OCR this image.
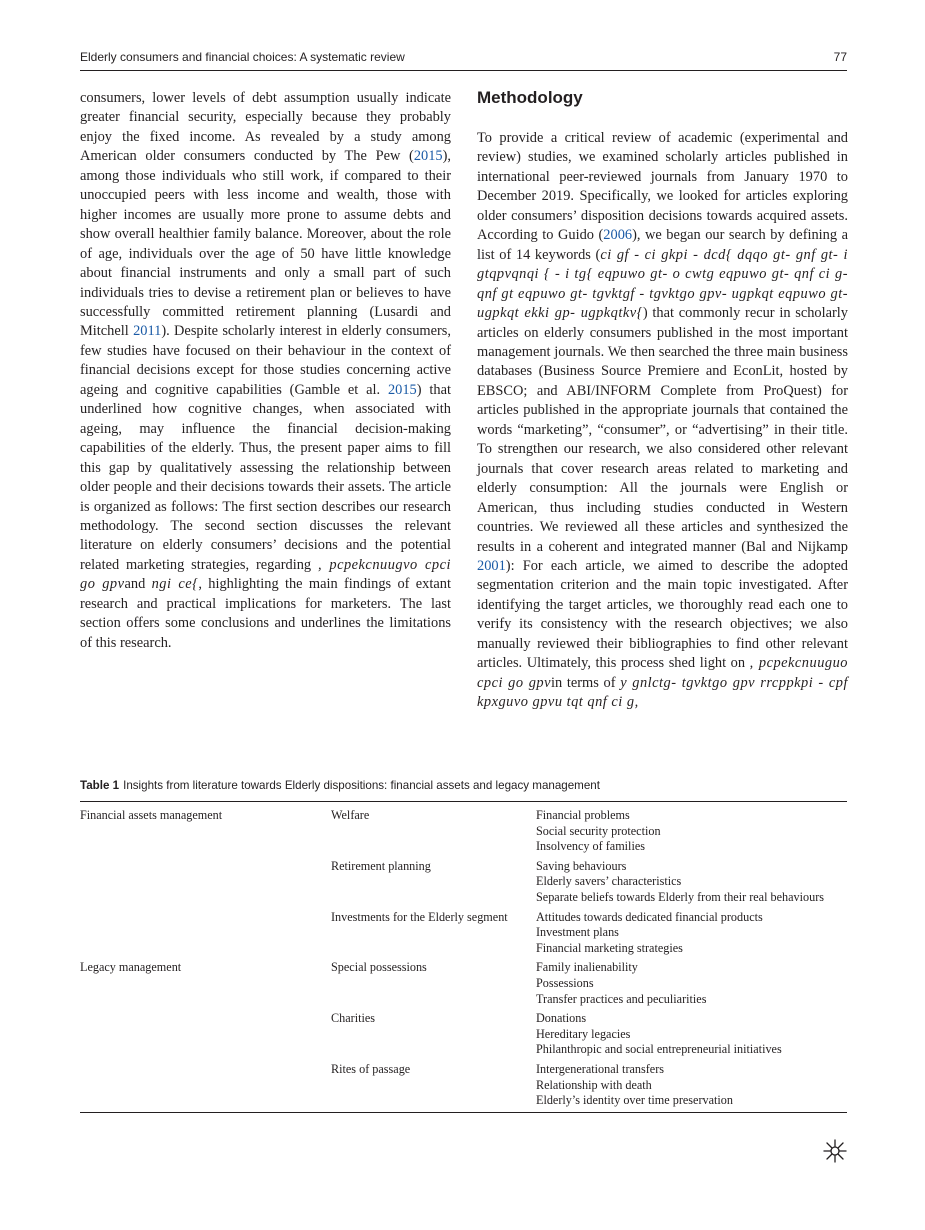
Elderly consumers and financial choices: A systematic review	77

consumers, lower levels of debt assumption usually indicate greater financial security, especially because they probably enjoy the fixed income. As revealed by a study among American older consumers conducted by The Pew (2015), among those individuals who still work, if compared to their unoccupied peers with less income and wealth, those with higher incomes are usually more prone to assume debts and show overall healthier family balance. Moreover, about the role of age, individuals over the age of 50 have little knowledge about financial instruments and only a small part of such individuals tries to devise a retirement plan or believes to have successfully committed retirement planning (Lusardi and Mitchell 2011). Despite scholarly interest in elderly consumers, few studies have focused on their behaviour in the context of financial decisions except for those studies concerning active ageing and cognitive capabilities (Gamble et al. 2015) that underlined how cognitive changes, when associated with ageing, may influence the financial decision-making capabilities of the elderly. Thus, the present paper aims to fill this gap by qualitatively assessing the relationship between older people and their decisions towards their assets. The article is organized as follows: The first section describes our research methodology. The second section discusses the relevant literature on elderly consumers’ decisions and the potential related marketing strategies, regarding , pcpekcnuugvo cpci go gpvand ngi ce{, highlighting the main findings of extant research and practical implications for marketers. The last section offers some conclusions and underlines the limitations of this research.

Methodology

To provide a critical review of academic (experimental and review) studies, we examined scholarly articles published in international peer-reviewed journals from January 1970 to December 2019. Specifically, we looked for articles exploring older consumers’ disposition decisions towards acquired assets. According to Guido (2006), we began our search by defining a list of 14 keywords (ci gf - ci gkpi - dcd{ dqqo gt- gnf gt- i gtqpvqnqi { - i tg{ eqpuwo gt- o cwtg eqpuwo gt- qnf ci g- qnf gt eqpuwo gt- tgvktgf - tgvktgo gpv- ugpkqt eqpuwo gt- ugpkqt ekki gp- ugpkqtkv{) that commonly recur in scholarly articles on elderly consumers published in the most important management journals. We then searched the three main business databases (Business Source Premiere and EconLit, hosted by EBSCO; and ABI/INFORM Complete from ProQuest) for articles published in the appropriate journals that contained the words “marketing”, “consumer”, or “advertising” in their title. To strengthen our research, we also considered other relevant journals that cover research areas related to marketing and elderly consumption: All the journals were English or American, thus including studies conducted in Western countries. We reviewed all these articles and synthesized the results in a coherent and integrated manner (Bal and Nijkamp 2001): For each article, we aimed to describe the adopted segmentation criterion and the main topic investigated. After identifying the target articles, we thoroughly read each one to verify its consistency with the research objectives; we also manually reviewed their bibliographies to find other relevant articles. Ultimately, this process shed light on , pcpekcnuuguo cpci go gpvin terms of y gnlctg- tgvktgo gpv rrcppkpi - cpf kpxguvo gpvu tqt qnf ci g,

Table 1 Insights from literature towards Elderly dispositions: financial assets and legacy management
Financial assets management	Welfare	Financial problems
Social security protection
Insolvency of families
Retirement planning	Saving behaviours
Elderly savers’ characteristics
Separate beliefs towards Elderly from their real behaviours
Investments for the Elderly segment	Attitudes towards dedicated financial products
Investment plans
Financial marketing strategies
Legacy management	Special possessions	Family inalienability
Possessions
Transfer practices and peculiarities
Charities	Donations
Hereditary legacies
Philanthropic and social entrepreneurial initiatives
Rites of passage	Intergenerational transfers
Relationship with death
Elderly’s identity over time preservation
